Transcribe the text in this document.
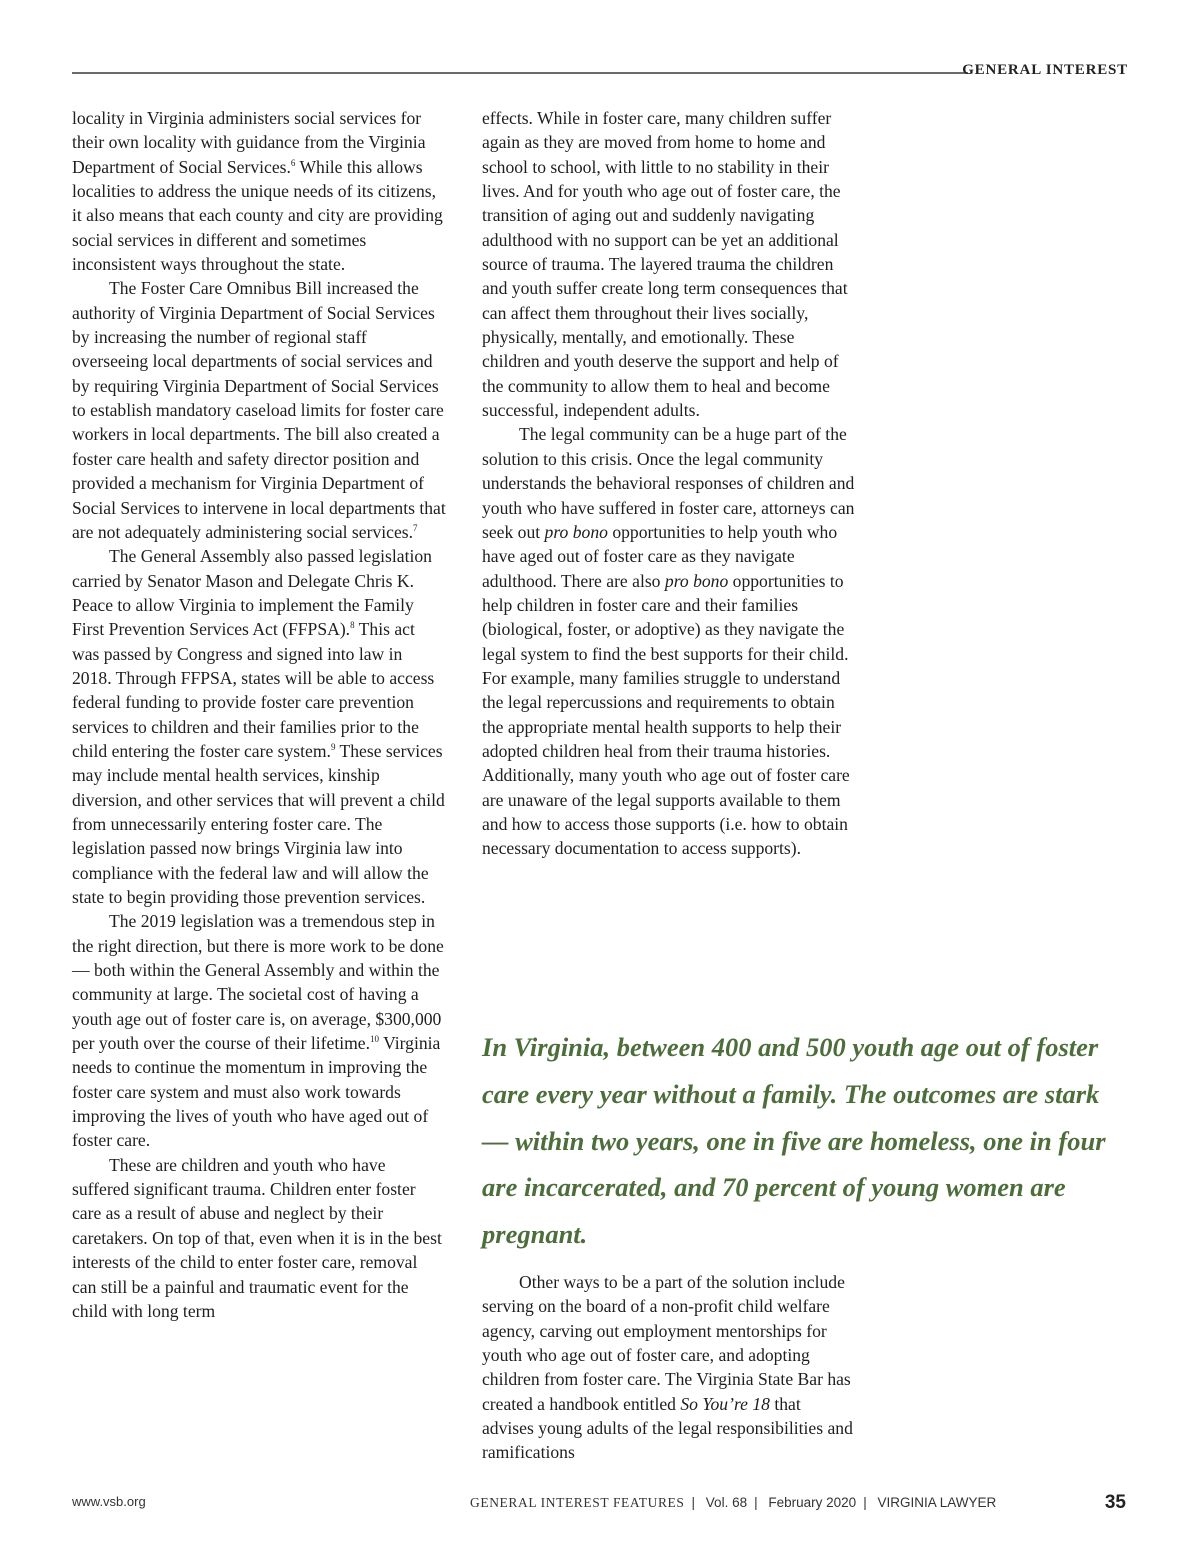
GENERAL INTEREST

locality in Virginia administers social services for their own locality with guidance from the Virginia Department of Social Services.$^6$ While this allows localities to address the unique needs of its citizens, it also means that each county and city are providing social services in different and sometimes inconsistent ways throughout the state.

The Foster Care Omnibus Bill increased the authority of Virginia Department of Social Services by increasing the number of regional staff overseeing local departments of social services and by requiring Virginia Department of Social Services to establish mandatory caseload limits for foster care workers in local departments. The bill also created a foster care health and safety director position and provided a mechanism for Virginia Department of Social Services to intervene in local departments that are not adequately administering social services.$^7$

The General Assembly also passed legislation carried by Senator Mason and Delegate Chris K. Peace to allow Virginia to implement the Family First Prevention Services Act (FFPSA).$^8$ This act was passed by Congress and signed into law in 2018. Through FFPSA, states will be able to access federal funding to provide foster care prevention services to children and their families prior to the child entering the foster care system.$^9$ These services may include mental health services, kinship diversion, and other services that will prevent a child from unnecessarily entering foster care. The legislation passed now brings Virginia law into compliance with the federal law and will allow the state to begin providing those prevention services.

The 2019 legislation was a tremendous step in the right direction, but there is more work to be done — both within the General Assembly and within the community at large. The societal cost of having a youth age out of foster care is, on average, $300,000 per youth over the course of their lifetime.$^{10}$ Virginia needs to continue the momentum in improving the foster care system and must also work towards improving the lives of youth who have aged out of foster care.

These are children and youth who have suffered significant trauma. Children enter foster care as a result of abuse and neglect by their caretakers. On top of that, even when it is in the best interests of the child to enter foster care, removal can still be a painful and traumatic event for the child with long term

effects. While in foster care, many children suffer again as they are moved from home to home and school to school, with little to no stability in their lives. And for youth who age out of foster care, the transition of aging out and suddenly navigating adulthood with no support can be yet an additional source of trauma. The layered trauma the children and youth suffer create long term consequences that can affect them throughout their lives socially, physically, mentally, and emotionally. These children and youth deserve the support and help of the community to allow them to heal and become successful, independent adults.

The legal community can be a huge part of the solution to this crisis. Once the legal community understands the behavioral responses of children and youth who have suffered in foster care, attorneys can seek out pro bono opportunities to help youth who have aged out of foster care as they navigate adulthood. There are also pro bono opportunities to help children in foster care and their families (biological, foster, or adoptive) as they navigate the legal system to find the best supports for their child. For example, many families struggle to understand the legal repercussions and requirements to obtain the appropriate mental health supports to help their adopted children heal from their trauma histories. Additionally, many youth who age out of foster care are unaware of the legal supports available to them and how to access those supports (i.e. how to obtain necessary documentation to access supports).

In Virginia, between 400 and 500 youth age out of foster care every year without a family. The outcomes are stark — within two years, one in five are homeless, one in four are incarcerated, and 70 percent of young women are pregnant.

Other ways to be a part of the solution include serving on the board of a non-profit child welfare agency, carving out employment mentorships for youth who age out of foster care, and adopting children from foster care. The Virginia State Bar has created a handbook entitled So You’re 18 that advises young adults of the legal responsibilities and ramifications

www.vsb.org	GENERAL INTEREST FEATURES | Vol. 68 | February 2020 | VIRGINIA LAWYER	35
